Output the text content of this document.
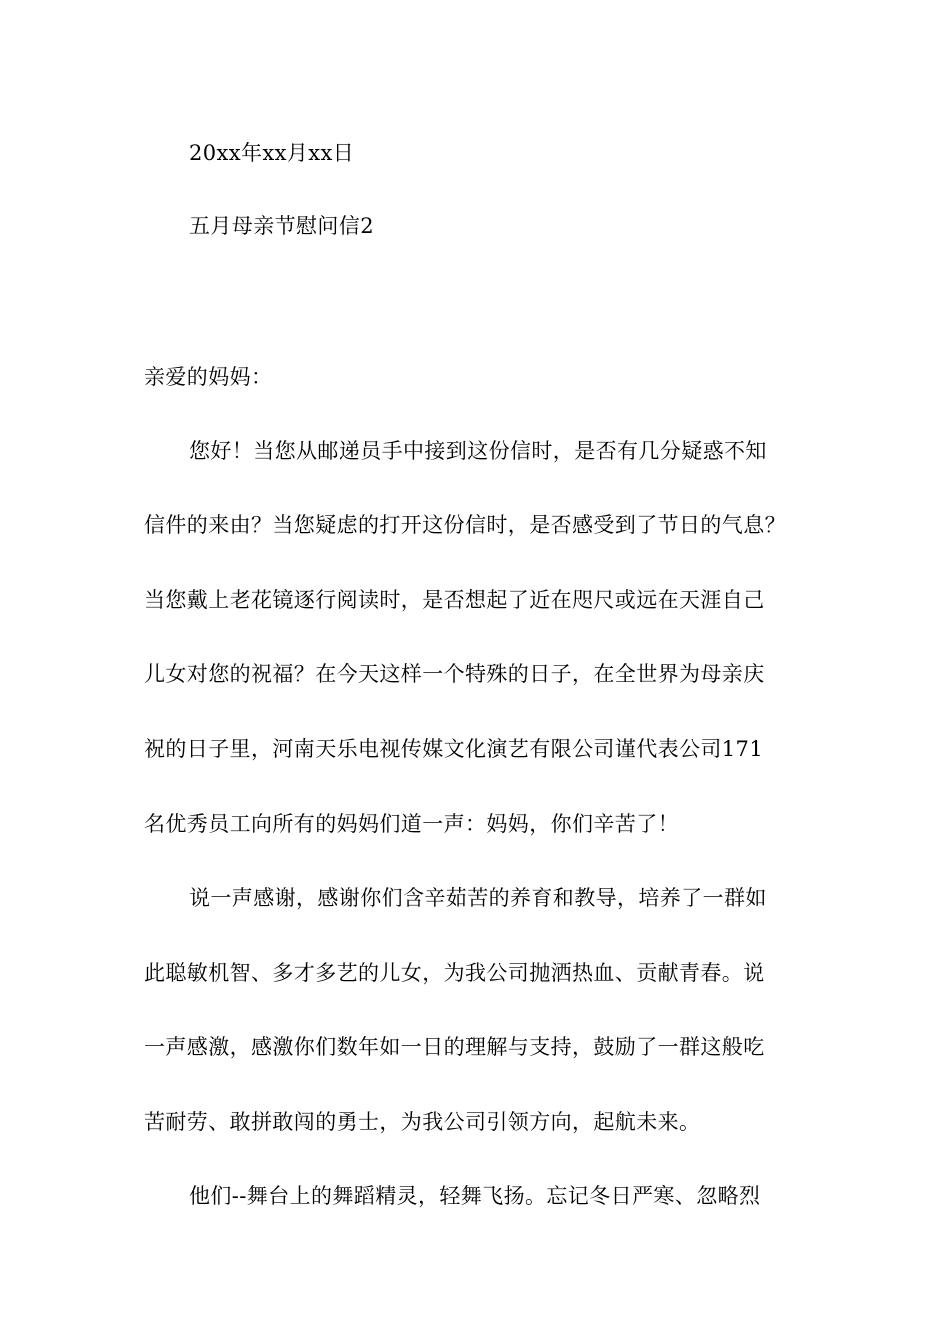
20xx年xx月xx日
五月母亲节慰问信2
亲爱的妈妈：
您好！当您从邮递员手中接到这份信时，是否有几分疑惑不知
信件的来由？当您疑虑的打开这份信时，是否感受到了节日的气息？
当您戴上老花镜逐行阅读时，是否想起了近在咫尺或远在天涯自己
儿女对您的祝福？在今天这样一个特殊的日子，在全世界为母亲庆
祝的日子里，河南天乐电视传媒文化演艺有限公司谨代表公司171
名优秀员工向所有的妈妈们道一声：妈妈，你们辛苦了！
说一声感谢，感谢你们含辛茹苦的养育和教导，培养了一群如
此聪敏机智、多才多艺的儿女，为我公司抛洒热血、贡献青春。说
一声感激，感激你们数年如一日的理解与支持，鼓励了一群这般吃
苦耐劳、敢拼敢闯的勇士，为我公司引领方向，起航未来。
他们--舞台上的舞蹈精灵，轻舞飞扬。忘记冬日严寒、忽略烈
